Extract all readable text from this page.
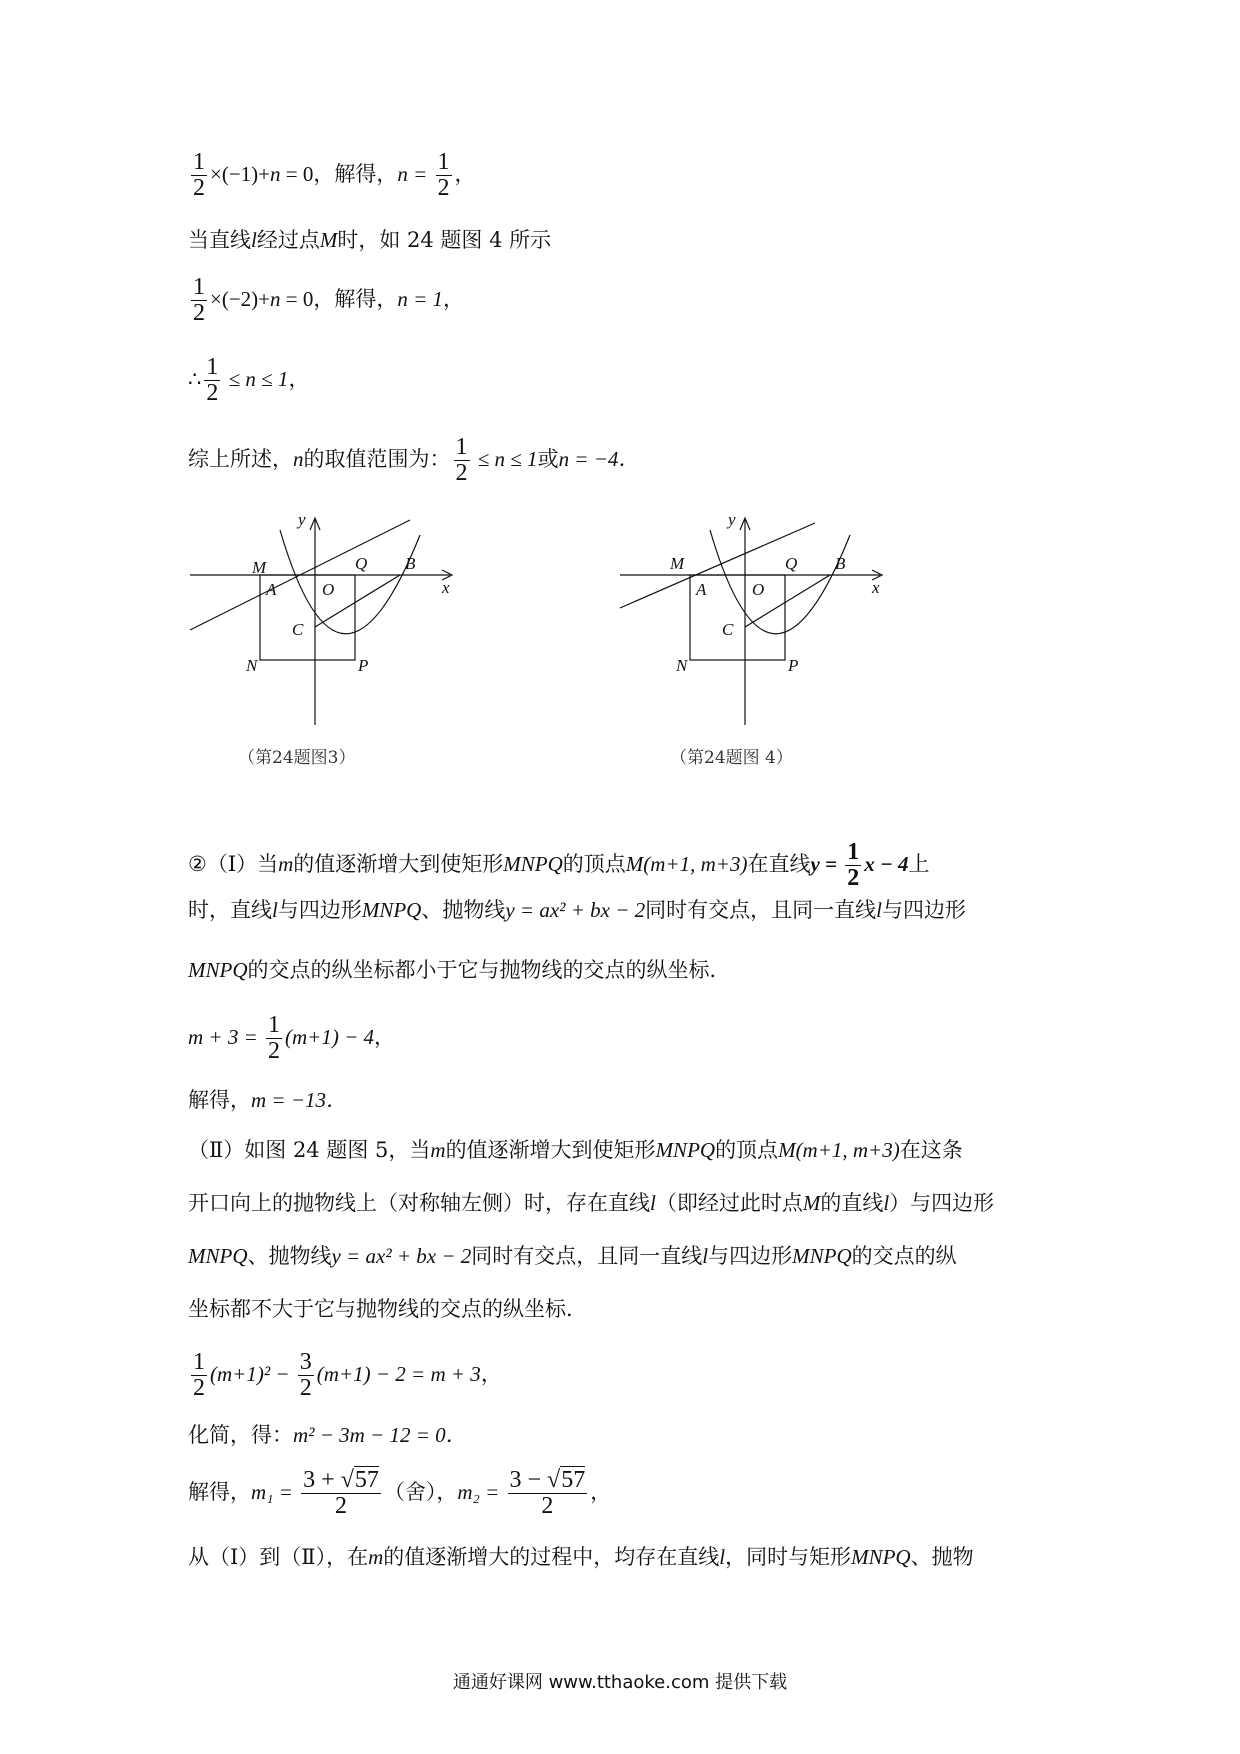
$\frac{1}{2} \times(-1)+n = 0$，解得，$n = \frac{1}{2}$ ，
当直线l经过点M时，如 24 题图 4 所示
$\frac{1}{2} \times(-2)+n = 0$，解得，n = 1，
∴ $\frac{1}{2} \le n \le 1$，
综上所述，n的取值范围为： $\frac{1}{2} \le n \le 1$或n = −4．
M
A	O
Q B
C
N	P
x
y
（第24题图3）
M
A	O
Q B
C
N	P
x
y
（第24题图 4）
②（Ⅰ）当m的值逐渐增大到使矩形MNPQ的顶点M(m+1, m+3)在直线$y = \frac{1}{2}$ x − 4上
时，直线l与四边形MNPQ、抛物线y = ax² + bx − 2同时有交点，且同一直线l与四边形
MNPQ的交点的纵坐标都小于它与抛物线的交点的纵坐标．
$m + 3 = \frac{1}{2} (m+1) - 4$，
解得，m = −13．
（Ⅱ）如图 24 题图 5，当m的值逐渐增大到使矩形MNPQ的顶点M(m+1, m+3)在这条
开口向上的抛物线上（对称轴左侧）时，存在直线l（即经过此时点M的直线l）与四边形
MNPQ、抛物线y = ax² + bx − 2同时有交点，且同一直线l与四边形MNPQ的交点的纵
坐标都不大于它与抛物线的交点的纵坐标．
$\frac{1}{2} (m+1)^2 - \frac{3}{2} (m+1) - 2 = m + 3$，
化简，得：m² − 3m − 12 = 0．
解得，$m_1 = \frac{3 + √57}{2}$ （舍），$m_2 = \frac{3 - √57}{2}$ ，
从（Ⅰ）到（Ⅱ），在m的值逐渐增大的过程中，均存在直线l，同时与矩形MNPQ、抛物
通通好课网 www.tthaoke.com 提供下载
